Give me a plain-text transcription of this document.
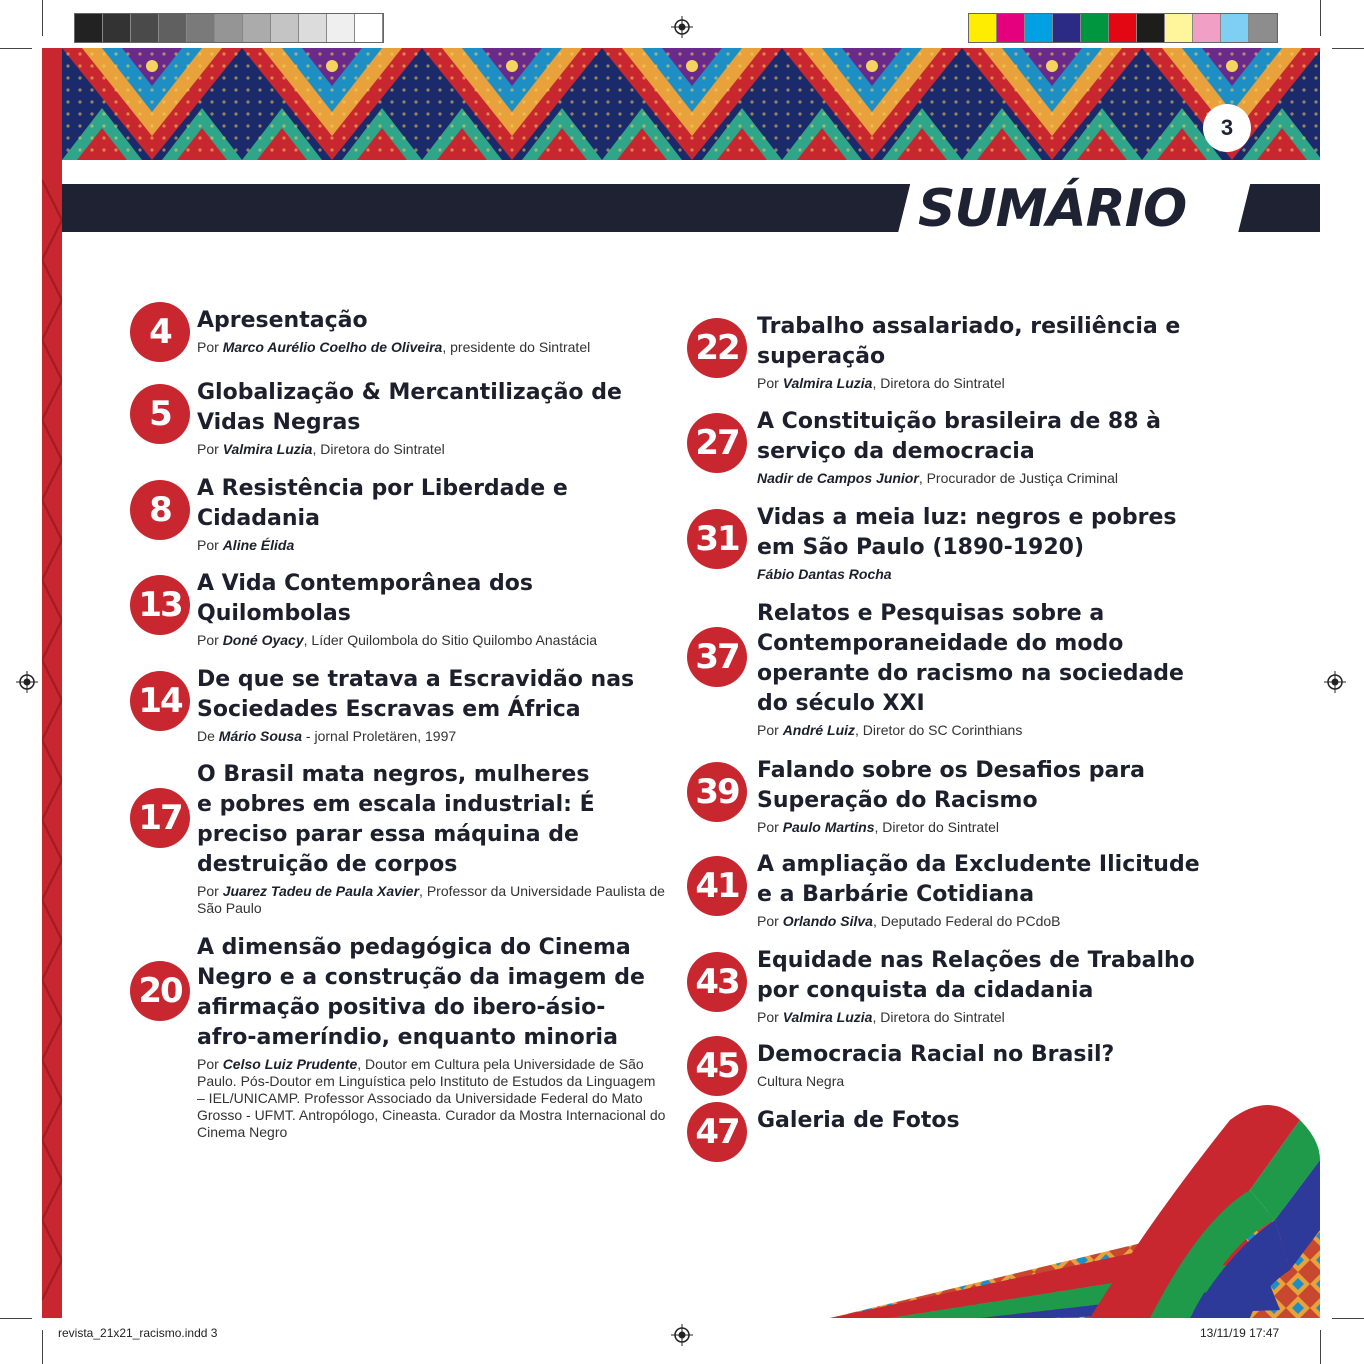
3
SUMÁRIO
4	Apresentação
Por Marco Aurélio Coelho de Oliveira, presidente do Sintratel
5
Globalização & Mercantilização de
Vidas Negras
Por Valmira Luzia, Diretora do Sintratel
8
A Resistência por Liberdade e
Cidadania
Por Aline Élida
13
A Vida Contemporânea dos
Quilombolas
Por Doné Oyacy, Líder Quilombola do Sitio Quilombo Anastácia
14
De que se tratava a Escravidão nas
Sociedades Escravas em África
De Mário Sousa - jornal Proletären, 1997
17
O Brasil mata negros, mulheres
e pobres em escala industrial: É
preciso parar essa máquina de
destruição de corpos
Por Juarez Tadeu de Paula Xavier, Professor da Universidade Paulista de São Paulo
20
A dimensão pedagógica do Cinema
Negro e a construção da imagem de
afirmação positiva do ibero-ásio-
afro-ameríndio, enquanto minoria
Por Celso Luiz Prudente, Doutor em Cultura pela Universidade de São Paulo. Pós-Doutor em Linguística pelo Instituto de Estudos da Linguagem – IEL/UNICAMP. Professor Associado da Universidade Federal do Mato Grosso - UFMT. Antropólogo, Cineasta. Curador da Mostra Internacional do Cinema Negro
22
Trabalho assalariado, resiliência e
superação
Por Valmira Luzia, Diretora do Sintratel
27
A Constituição brasileira de 88 à
serviço da democracia
Nadir de Campos Junior, Procurador de Justiça Criminal
31
Vidas a meia luz: negros e pobres
em São Paulo (1890-1920)
Fábio Dantas Rocha
37
Relatos e Pesquisas sobre a
Contemporaneidade do modo
operante do racismo na sociedade
do século XXI
Por André Luiz, Diretor do SC Corinthians
39
Falando sobre os Desafios para
Superação do Racismo
Por Paulo Martins, Diretor do Sintratel
41
A ampliação da Excludente Ilicitude
e a Barbárie Cotidiana
Por Orlando Silva, Deputado Federal do PCdoB
43
Equidade nas Relações de Trabalho
por conquista da cidadania
Por Valmira Luzia, Diretora do Sintratel
45 Democracia Racial no Brasil?
Cultura Negra
47 Galeria de Fotos
revista_21x21_racismo.indd 3	13/11/19 17:47
